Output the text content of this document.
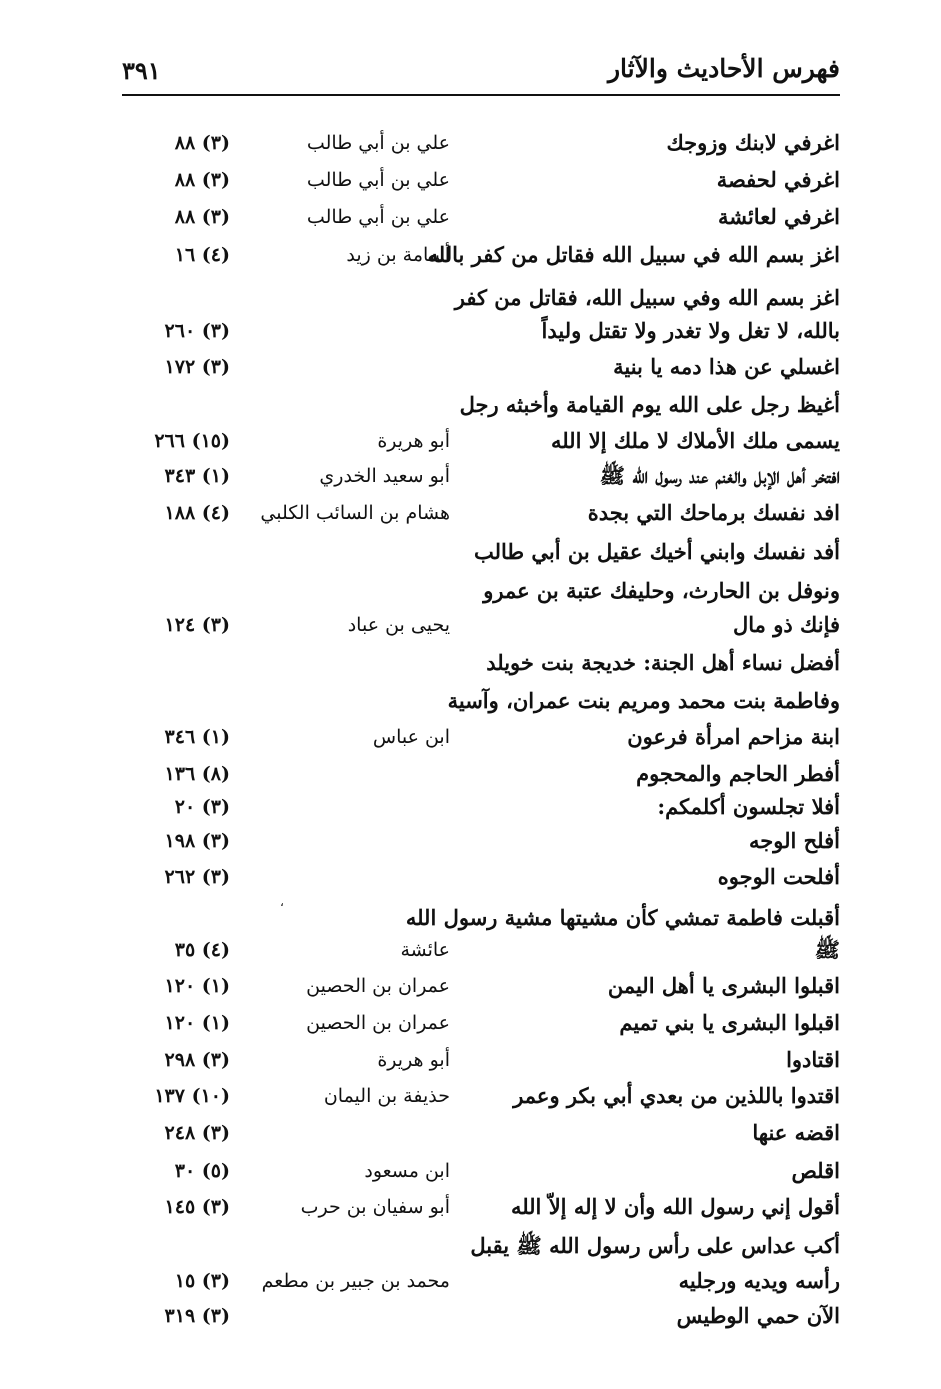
فهرس الأحاديث والآثار
٣٩١
اغرفي لابنك وزوجك
علي بن أبي طالب
(٣) ٨٨
اغرفي لحفصة
علي بن أبي طالب
(٣) ٨٨
اغرفي لعائشة
علي بن أبي طالب
(٣) ٨٨
اغز بسم الله في سبيل الله فقاتل من كفر بالله
أسامة بن زيد
(٤) ١٦
اغز بسم الله وفي سبيل الله، فقاتل من كفر
بالله، لا تغل ولا تغدر ولا تقتل وليداً
(٣) ٢٦٠
اغسلي عن هذا دمه يا بنية
(٣) ١٧٢
أغيظ رجل على الله يوم القيامة وأخبثه رجل
يسمى ملك الأملاك لا ملك إلا الله
أبو هريرة
(١٥) ٢٦٦
افتخر أهل الإبل والغنم عند رسول الله ﷺ
أبو سعيد الخدري
(١) ٣٤٣
افد نفسك برماحك التي بجدة
هشام بن السائب الكلبي
(٤) ١٨٨
أفد نفسك وابني أخيك عقيل بن أبي طالب
ونوفل بن الحارث، وحليفك عتبة بن عمرو
فإنك ذو مال
يحيى بن عباد
(٣) ١٢٤
أفضل نساء أهل الجنة: خديجة بنت خويلد
وفاطمة بنت محمد ومريم بنت عمران، وآسية
ابنة مزاحم امرأة فرعون
ابن عباس
(١) ٣٤٦
أفطر الحاجم والمحجوم
(٨) ١٣٦
أفلا تجلسون أكلمكم:
(٣) ٢٠
أفلح الوجه
(٣) ١٩٨
أفلحت الوجوه
(٣) ٢٦٢
أقبلت فاطمة تمشي كأن مشيتها مشية رسول الله
ﷺ
عائشة
(٤) ٣٥
اقبلوا البشرى يا أهل اليمن
عمران بن الحصين
(١) ١٢٠
اقبلوا البشرى يا بني تميم
عمران بن الحصين
(١) ١٢٠
اقتادوا
أبو هريرة
(٣) ٢٩٨
اقتدوا باللذين من بعدي أبي بكر وعمر
حذيفة بن اليمان
(١٠) ١٣٧
اقضه عنها
(٣) ٢٤٨
اقلص
ابن مسعود
(٥) ٣٠
أقول إني رسول الله وأن لا إله إلاّ الله
أبو سفيان بن حرب
(٣) ١٤٥
أكب عداس على رأس رسول الله ﷺ يقبل
رأسه ويديه ورجليه
محمد بن جبير بن مطعم
(٣) ١٥
الآن حمي الوطيس
(٣) ٣١٩
،
